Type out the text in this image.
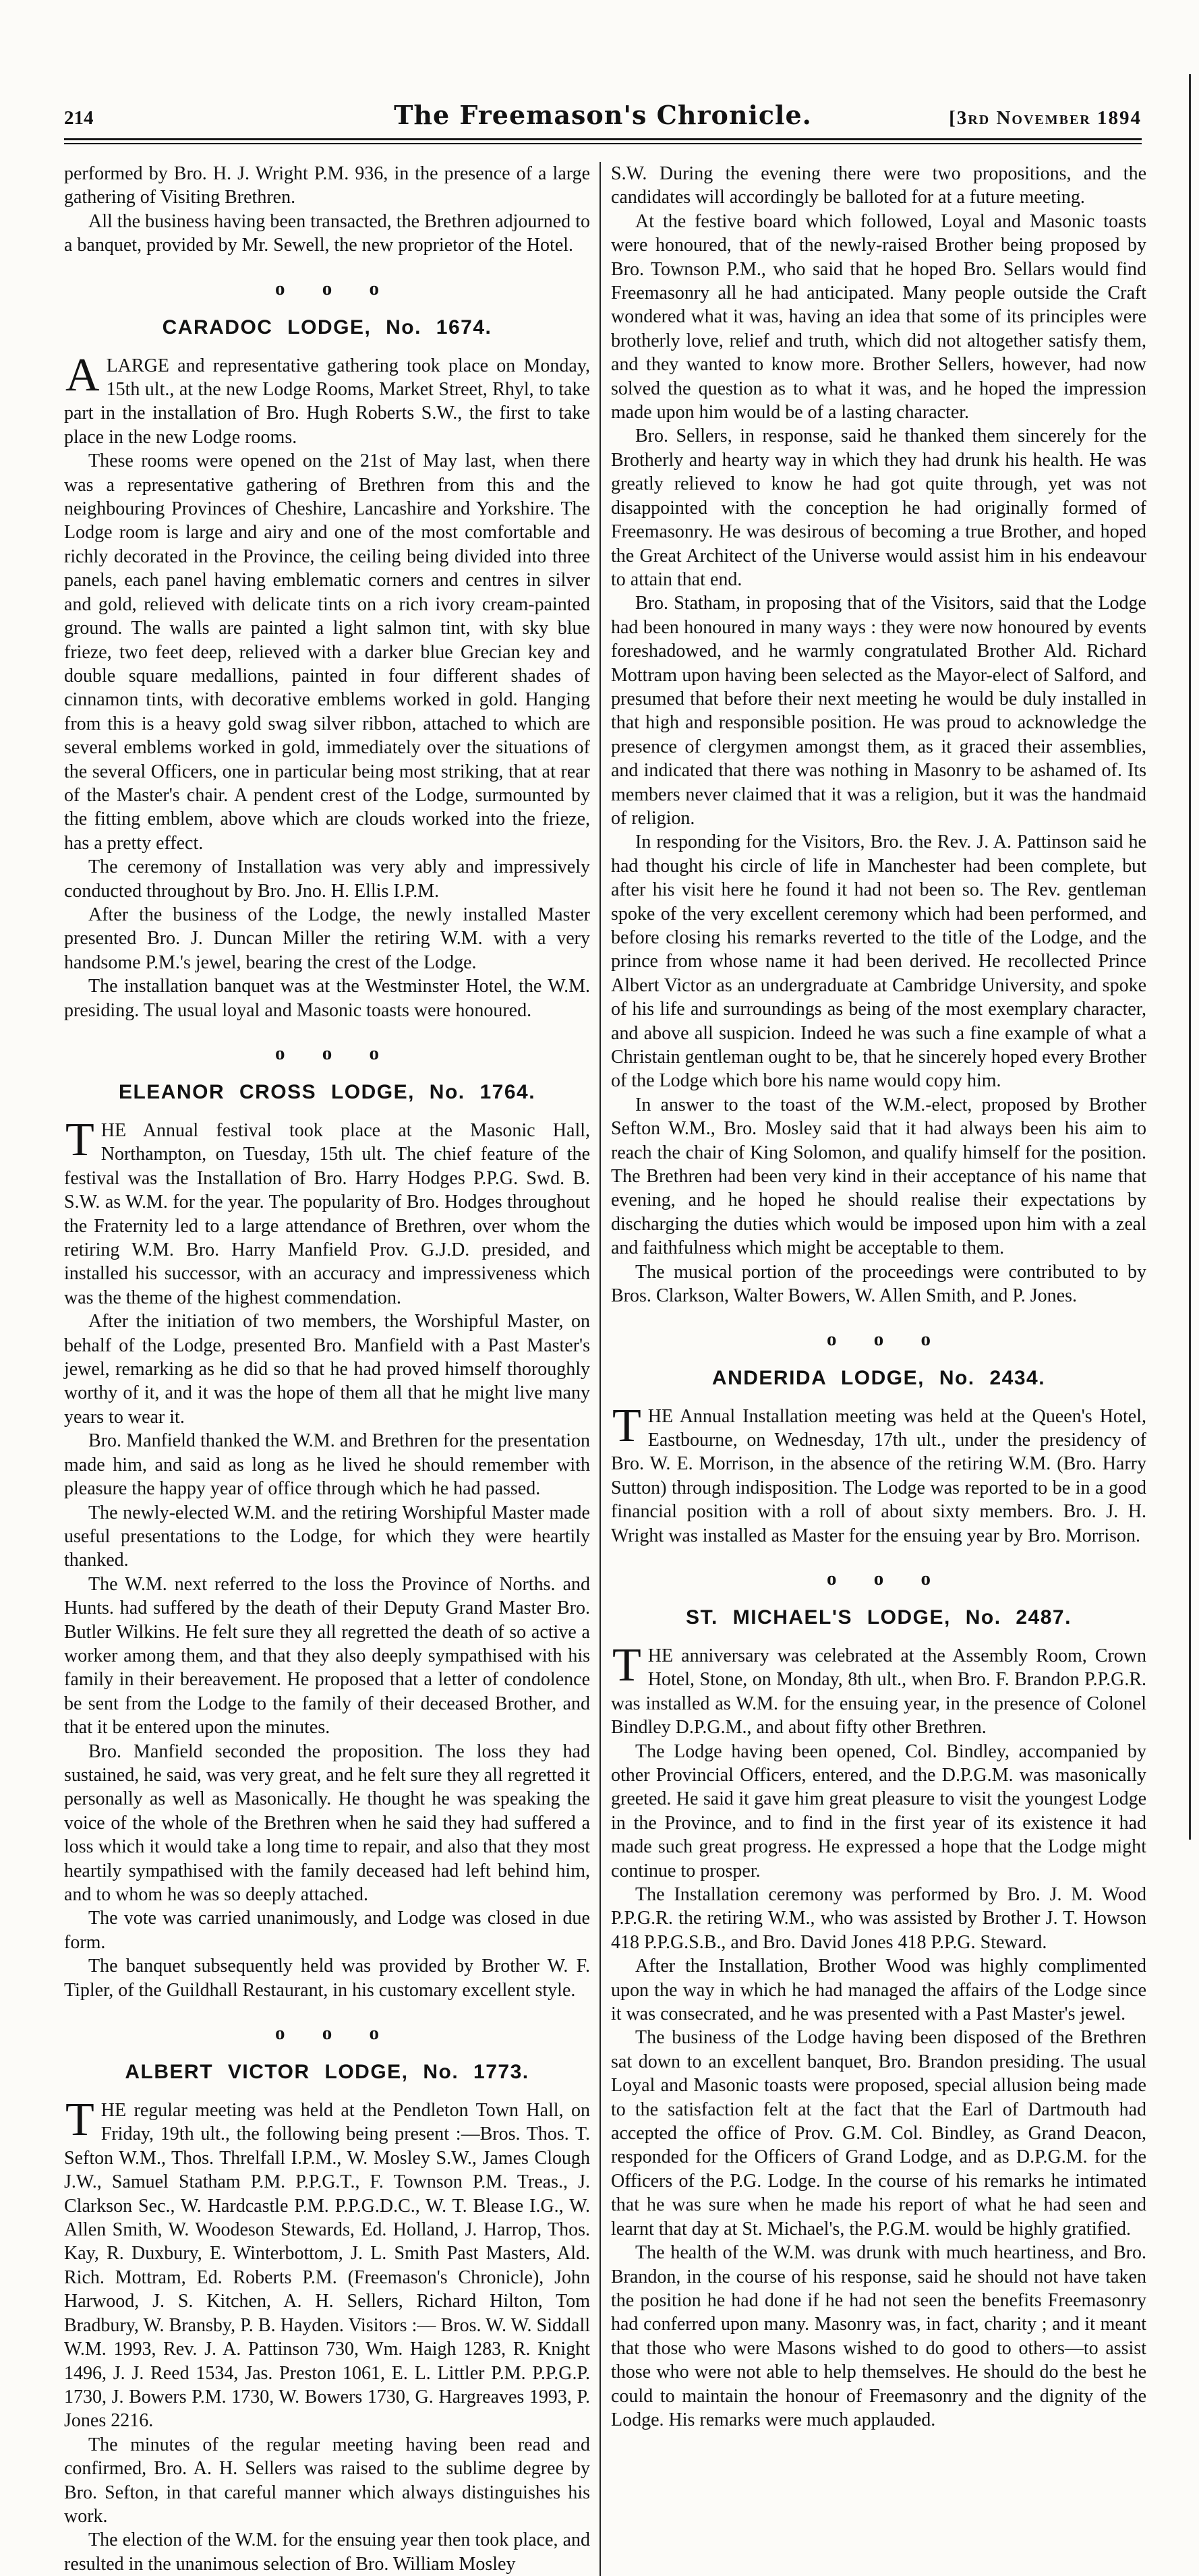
214	The Freemason's Chronicle.	[3rd November 1894

performed by Bro. H. J. Wright P.M. 936, in the presence of a large gathering of Visiting Brethren.

All the business having been transacted, the Brethren adjourned to a banquet, provided by Mr. Sewell, the new proprietor of the Hotel.

o o o
CARADOC LODGE, No. 1674.

ALARGE and representative gathering took place on Monday, 15th ult., at the new Lodge Rooms, Market Street, Rhyl, to take part in the installation of Bro. Hugh Roberts S.W., the first to take place in the new Lodge rooms.

These rooms were opened on the 21st of May last, when there was a representative gathering of Brethren from this and the neighbouring Provinces of Cheshire, Lancashire and Yorkshire. The Lodge room is large and airy and one of the most comfortable and richly decorated in the Province, the ceiling being divided into three panels, each panel having emblematic corners and centres in silver and gold, relieved with delicate tints on a rich ivory cream-painted ground. The walls are painted a light salmon tint, with sky blue frieze, two feet deep, relieved with a darker blue Grecian key and double square medallions, painted in four different shades of cinnamon tints, with decorative emblems worked in gold. Hanging from this is a heavy gold swag silver ribbon, attached to which are several emblems worked in gold, immediately over the situations of the several Officers, one in particular being most striking, that at rear of the Master's chair. A pendent crest of the Lodge, surmounted by the fitting emblem, above which are clouds worked into the frieze, has a pretty effect.

The ceremony of Installation was very ably and impressively conducted throughout by Bro. Jno. H. Ellis I.P.M.

After the business of the Lodge, the newly installed Master presented Bro. J. Duncan Miller the retiring W.M. with a very handsome P.M.'s jewel, bearing the crest of the Lodge.

The installation banquet was at the Westminster Hotel, the W.M. presiding. The usual loyal and Masonic toasts were honoured.

o o o
ELEANOR CROSS LODGE, No. 1764.

THE Annual festival took place at the Masonic Hall, Northampton, on Tuesday, 15th ult. The chief feature of the festival was the Installation of Bro. Harry Hodges P.P.G. Swd. B. S.W. as W.M. for the year. The popularity of Bro. Hodges throughout the Fraternity led to a large attendance of Brethren, over whom the retiring W.M. Bro. Harry Manfield Prov. G.J.D. presided, and installed his successor, with an accuracy and impressiveness which was the theme of the highest commendation.

After the initiation of two members, the Worshipful Master, on behalf of the Lodge, presented Bro. Manfield with a Past Master's jewel, remarking as he did so that he had proved himself thoroughly worthy of it, and it was the hope of them all that he might live many years to wear it.

Bro. Manfield thanked the W.M. and Brethren for the presentation made him, and said as long as he lived he should remember with pleasure the happy year of office through which he had passed.

The newly-elected W.M. and the retiring Worshipful Master made useful presentations to the Lodge, for which they were heartily thanked.

The W.M. next referred to the loss the Province of Norths. and Hunts. had suffered by the death of their Deputy Grand Master Bro. Butler Wilkins. He felt sure they all regretted the death of so active a worker among them, and that they also deeply sympathised with his family in their bereavement. He proposed that a letter of condolence be sent from the Lodge to the family of their deceased Brother, and that it be entered upon the minutes.

Bro. Manfield seconded the proposition. The loss they had sustained, he said, was very great, and he felt sure they all regretted it personally as well as Masonically. He thought he was speaking the voice of the whole of the Brethren when he said they had suffered a loss which it would take a long time to repair, and also that they most heartily sympathised with the family deceased had left behind him, and to whom he was so deeply attached.

The vote was carried unanimously, and Lodge was closed in due form.

The banquet subsequently held was provided by Brother W. F. Tipler, of the Guildhall Restaurant, in his customary excellent style.

o o o
ALBERT VICTOR LODGE, No. 1773.

THE regular meeting was held at the Pendleton Town Hall, on Friday, 19th ult., the following being present :—Bros. Thos. T. Sefton W.M., Thos. Threlfall I.P.M., W. Mosley S.W., James Clough J.W., Samuel Statham P.M. P.P.G.T., F. Townson P.M. Treas., J. Clarkson Sec., W. Hardcastle P.M. P.P.G.D.C., W. T. Blease I.G., W. Allen Smith, W. Woodeson Stewards, Ed. Holland, J. Harrop, Thos. Kay, R. Duxbury, E. Winterbottom, J. L. Smith Past Masters, Ald. Rich. Mottram, Ed. Roberts P.M. (Freemason's Chronicle), John Harwood, J. S. Kitchen, A. H. Sellers, Richard Hilton, Tom Bradbury, W. Bransby, P. B. Hayden. Visitors :— Bros. W. W. Siddall W.M. 1993, Rev. J. A. Pattinson 730, Wm. Haigh 1283, R. Knight 1496, J. J. Reed 1534, Jas. Preston 1061, E. L. Littler P.M. P.P.G.P. 1730, J. Bowers P.M. 1730, W. Bowers 1730, G. Hargreaves 1993, P. Jones 2216.

The minutes of the regular meeting having been read and confirmed, Bro. A. H. Sellers was raised to the sublime degree by Bro. Sefton, in that careful manner which always distinguishes his work.

The election of the W.M. for the ensuing year then took place, and resulted in the unanimous selection of Bro. William Mosley

S.W. During the evening there were two propositions, and the candidates will accordingly be balloted for at a future meeting.

At the festive board which followed, Loyal and Masonic toasts were honoured, that of the newly-raised Brother being proposed by Bro. Townson P.M., who said that he hoped Bro. Sellars would find Freemasonry all he had anticipated. Many people outside the Craft wondered what it was, having an idea that some of its principles were brotherly love, relief and truth, which did not altogether satisfy them, and they wanted to know more. Brother Sellers, however, had now solved the question as to what it was, and he hoped the impression made upon him would be of a lasting character.

Bro. Sellers, in response, said he thanked them sincerely for the Brotherly and hearty way in which they had drunk his health. He was greatly relieved to know he had got quite through, yet was not disappointed with the conception he had originally formed of Freemasonry. He was desirous of becoming a true Brother, and hoped the Great Architect of the Universe would assist him in his endeavour to attain that end.

Bro. Statham, in proposing that of the Visitors, said that the Lodge had been honoured in many ways : they were now honoured by events foreshadowed, and he warmly congratulated Brother Ald. Richard Mottram upon having been selected as the Mayor-elect of Salford, and presumed that before their next meeting he would be duly installed in that high and responsible position. He was proud to acknowledge the presence of clergymen amongst them, as it graced their assemblies, and indicated that there was nothing in Masonry to be ashamed of. Its members never claimed that it was a religion, but it was the handmaid of religion.

In responding for the Visitors, Bro. the Rev. J. A. Pattinson said he had thought his circle of life in Manchester had been complete, but after his visit here he found it had not been so. The Rev. gentleman spoke of the very excellent ceremony which had been performed, and before closing his remarks reverted to the title of the Lodge, and the prince from whose name it had been derived. He recollected Prince Albert Victor as an undergraduate at Cambridge University, and spoke of his life and surroundings as being of the most exemplary character, and above all suspicion. Indeed he was such a fine example of what a Christain gentleman ought to be, that he sincerely hoped every Brother of the Lodge which bore his name would copy him.

In answer to the toast of the W.M.-elect, proposed by Brother Sefton W.M., Bro. Mosley said that it had always been his aim to reach the chair of King Solomon, and qualify himself for the position. The Brethren had been very kind in their acceptance of his name that evening, and he hoped he should realise their expectations by discharging the duties which would be imposed upon him with a zeal and faithfulness which might be acceptable to them.

The musical portion of the proceedings were contributed to by Bros. Clarkson, Walter Bowers, W. Allen Smith, and P. Jones.

o o o
ANDERIDA LODGE, No. 2434.

THE Annual Installation meeting was held at the Queen's Hotel, Eastbourne, on Wednesday, 17th ult., under the presidency of Bro. W. E. Morrison, in the absence of the retiring W.M. (Bro. Harry Sutton) through indisposition. The Lodge was reported to be in a good financial position with a roll of about sixty members. Bro. J. H. Wright was installed as Master for the ensuing year by Bro. Morrison.

o o o
ST. MICHAEL'S LODGE, No. 2487.

THE anniversary was celebrated at the Assembly Room, Crown Hotel, Stone, on Monday, 8th ult., when Bro. F. Brandon P.P.G.R. was installed as W.M. for the ensuing year, in the presence of Colonel Bindley D.P.G.M., and about fifty other Brethren.

The Lodge having been opened, Col. Bindley, accompanied by other Provincial Officers, entered, and the D.P.G.M. was masonically greeted. He said it gave him great pleasure to visit the youngest Lodge in the Province, and to find in the first year of its existence it had made such great progress. He expressed a hope that the Lodge might continue to prosper.

The Installation ceremony was performed by Bro. J. M. Wood P.P.G.R. the retiring W.M., who was assisted by Brother J. T. Howson 418 P.P.G.S.B., and Bro. David Jones 418 P.P.G. Steward.

After the Installation, Brother Wood was highly complimented upon the way in which he had managed the affairs of the Lodge since it was consecrated, and he was presented with a Past Master's jewel.

The business of the Lodge having been disposed of the Brethren sat down to an excellent banquet, Bro. Brandon presiding. The usual Loyal and Masonic toasts were proposed, special allusion being made to the satisfaction felt at the fact that the Earl of Dartmouth had accepted the office of Prov. G.M. Col. Bindley, as Grand Deacon, responded for the Officers of Grand Lodge, and as D.P.G.M. for the Officers of the P.G. Lodge. In the course of his remarks he intimated that he was sure when he made his report of what he had seen and learnt that day at St. Michael's, the P.G.M. would be highly gratified.

The health of the W.M. was drunk with much heartiness, and Bro. Brandon, in the course of his response, said he should not have taken the position he had done if he had not seen the benefits Freemasonry had conferred upon many. Masonry was, in fact, charity ; and it meant that those who were Masons wished to do good to others—to assist those who were not able to help themselves. He should do the best he could to maintain the honour of Freemasonry and the dignity of the Lodge. His remarks were much applauded.
